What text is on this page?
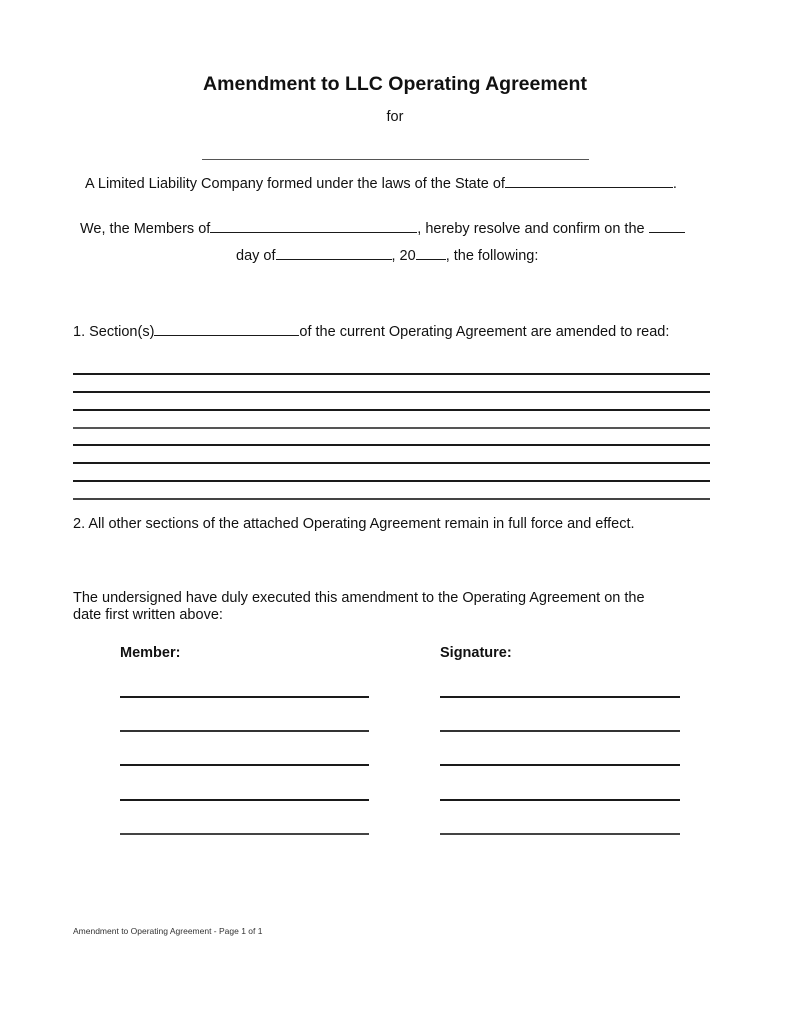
Amendment to LLC Operating Agreement
for
A Limited Liability Company formed under the laws of the State of	.
We, the Members of	, hereby resolve and confirm on the
day of	, 20 , the following:
1. Section(s)	of the current Operating Agreement are amended to read:
2. All other sections of the attached Operating Agreement remain in full force and effect.
The undersigned have duly executed this amendment to the Operating Agreement on the
date first written above:
Member:	Signature:
Amendment to Operating Agreement - Page 1 of 1
